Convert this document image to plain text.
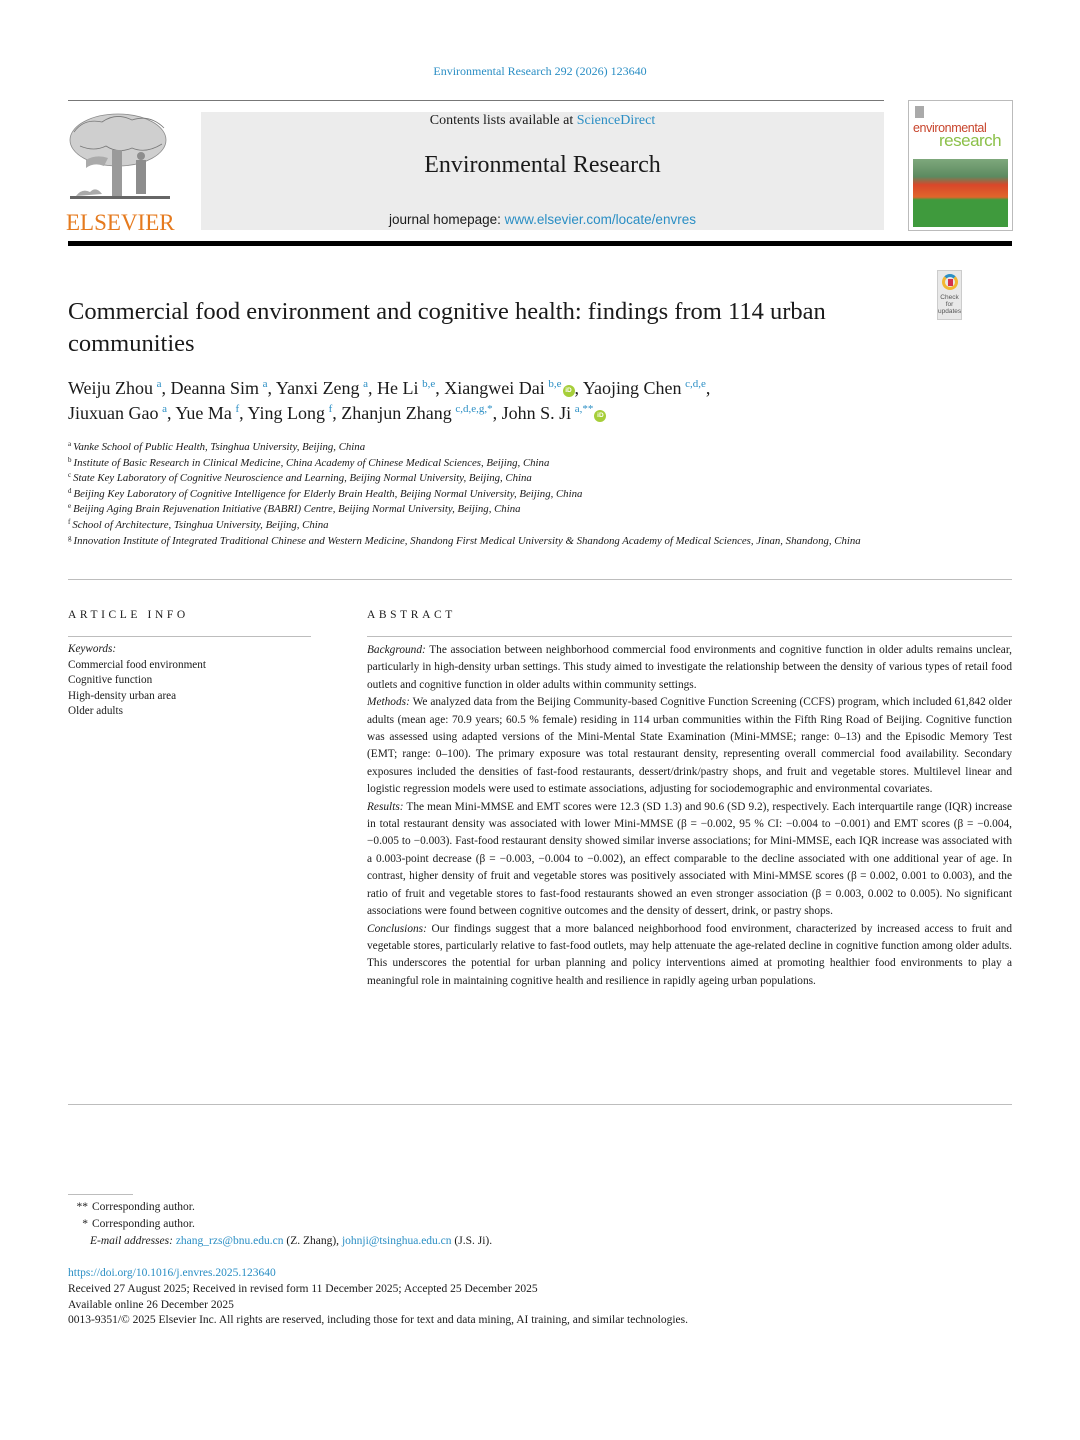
Environmental Research 292 (2026) 123640
ELSEVIER
Contents lists available at ScienceDirect
Environmental Research
journal homepage: www.elsevier.com/locate/envres
environmental
research
Check for updates
Commercial food environment and cognitive health: findings from 114 urban communities
Weiju Zhou  $^a$, Deanna Sim  $^a$, Yanxi Zeng  $^a$, He Li  $^{b,e}$, Xiangwei Dai  $^{b,e}$iD , Yaojing Chen  $^{c,d,e}$,
Jiuxuan Gao  $^a$, Yue Ma  $^f$, Ying Long  $^f$, Zhanjun Zhang  $^{c,d,e,g,*}$, John S. Ji  $^{a,**}$iD
$^a$ Vanke School of Public Health, Tsinghua University, Beijing, China
$^b$ Institute of Basic Research in Clinical Medicine, China Academy of Chinese Medical Sciences, Beijing, China
$^c$ State Key Laboratory of Cognitive Neuroscience and Learning, Beijing Normal University, Beijing, China
$^d$ Beijing Key Laboratory of Cognitive Intelligence for Elderly Brain Health, Beijing Normal University, Beijing, China
$^e$ Beijing Aging Brain Rejuvenation Initiative (BABRI) Centre, Beijing Normal University, Beijing, China
$^f$ School of Architecture, Tsinghua University, Beijing, China
$^g$ Innovation Institute of Integrated Traditional Chinese and Western Medicine, Shandong First Medical University & Shandong Academy of Medical Sciences, Jinan, Shandong, China
ARTICLE INFO
Keywords:
Commercial food environment
Cognitive function
High-density urban area
Older adults
ABSTRACT

Background: The association between neighborhood commercial food environments and cognitive function in older adults remains unclear, particularly in high-density urban settings. This study aimed to investigate the relationship between the density of various types of retail food outlets and cognitive function in older adults within community settings.

Methods: We analyzed data from the Beijing Community-based Cognitive Function Screening (CCFS) program, which included 61,842 older adults (mean age: 70.9 years; 60.5 % female) residing in 114 urban communities within the Fifth Ring Road of Beijing. Cognitive function was assessed using adapted versions of the Mini-Mental State Examination (Mini-MMSE; range: 0–13) and the Episodic Memory Test (EMT; range: 0–100). The primary exposure was total restaurant density, representing overall commercial food availability. Secondary exposures included the densities of fast-food restaurants, dessert/drink/pastry shops, and fruit and vegetable stores. Multilevel linear and logistic regression models were used to estimate associations, adjusting for sociodemographic and environmental covariates.

Results: The mean Mini-MMSE and EMT scores were 12.3 (SD 1.3) and 90.6 (SD 9.2), respectively. Each interquartile range (IQR) increase in total restaurant density was associated with lower Mini-MMSE (β = −0.002, 95 % CI: −0.004 to −0.001) and EMT scores (β = −0.004, −0.005 to −0.003). Fast-food restaurant density showed similar inverse associations; for Mini-MMSE, each IQR increase was associated with a 0.003-point decrease (β = −0.003, −0.004 to −0.002), an effect comparable to the decline associated with one additional year of age. In contrast, higher density of fruit and vegetable stores was positively associated with Mini-MMSE scores (β = 0.002, 0.001 to 0.003), and the ratio of fruit and vegetable stores to fast-food restaurants showed an even stronger association (β = 0.003, 0.002 to 0.005). No significant associations were found between cognitive outcomes and the density of dessert, drink, or pastry shops.

Conclusions: Our findings suggest that a more balanced neighborhood food environment, characterized by increased access to fruit and vegetable stores, particularly relative to fast-food outlets, may help attenuate the age-related decline in cognitive function among older adults. This underscores the potential for urban planning and policy interventions aimed at promoting healthier food environments to play a meaningful role in maintaining cognitive health and resilience in rapidly ageing urban populations.

** Corresponding author.
* Corresponding author.
E-mail addresses: zhang_rzs@bnu.edu.cn (Z. Zhang), johnji@tsinghua.edu.cn (J.S. Ji).
https://doi.org/10.1016/j.envres.2025.123640
Received 27 August 2025; Received in revised form 11 December 2025; Accepted 25 December 2025
Available online 26 December 2025
0013-9351/© 2025 Elsevier Inc. All rights are reserved, including those for text and data mining, AI training, and similar technologies.
